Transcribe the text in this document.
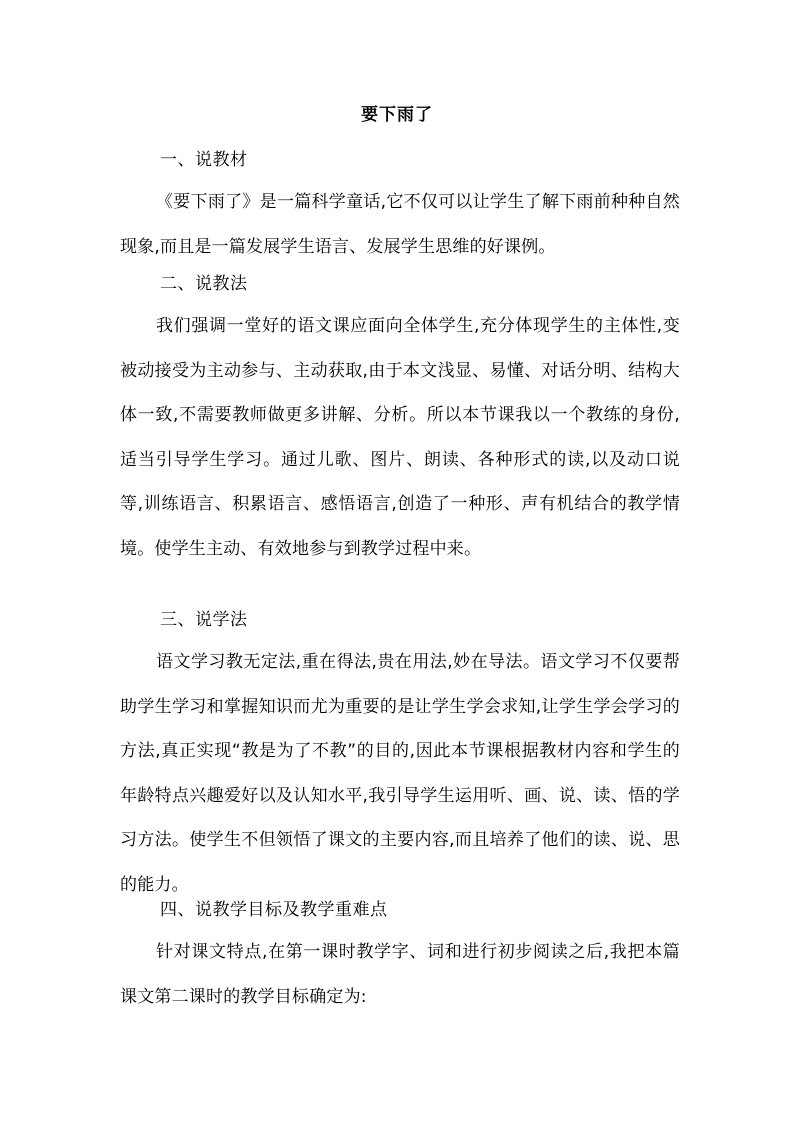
要下雨了
一、说教材
《要下雨了》是一篇科学童话,它不仅可以让学生了解下雨前种种自然现象,而且是一篇发展学生语言、发展学生思维的好课例。
二、说教法
我们强调一堂好的语文课应面向全体学生,充分体现学生的主体性,变被动接受为主动参与、主动获取,由于本文浅显、易懂、对话分明、结构大体一致,不需要教师做更多讲解、分析。所以本节课我以一个教练的身份,适当引导学生学习。通过儿歌、图片、朗读、各种形式的读,以及动口说等,训练语言、积累语言、感悟语言,创造了一种形、声有机结合的教学情境。使学生主动、有效地参与到教学过程中来。
三、说学法
语文学习教无定法,重在得法,贵在用法,妙在导法。语文学习不仅要帮助学生学习和掌握知识而尤为重要的是让学生学会求知,让学生学会学习的方法,真正实现“教是为了不教”的目的,因此本节课根据教材内容和学生的年龄特点兴趣爱好以及认知水平,我引导学生运用听、画、说、读、悟的学习方法。使学生不但领悟了课文的主要内容,而且培养了他们的读、说、思的能力。
四、说教学目标及教学重难点
针对课文特点,在第一课时教学字、词和进行初步阅读之后,我把本篇课文第二课时的教学目标确定为:
